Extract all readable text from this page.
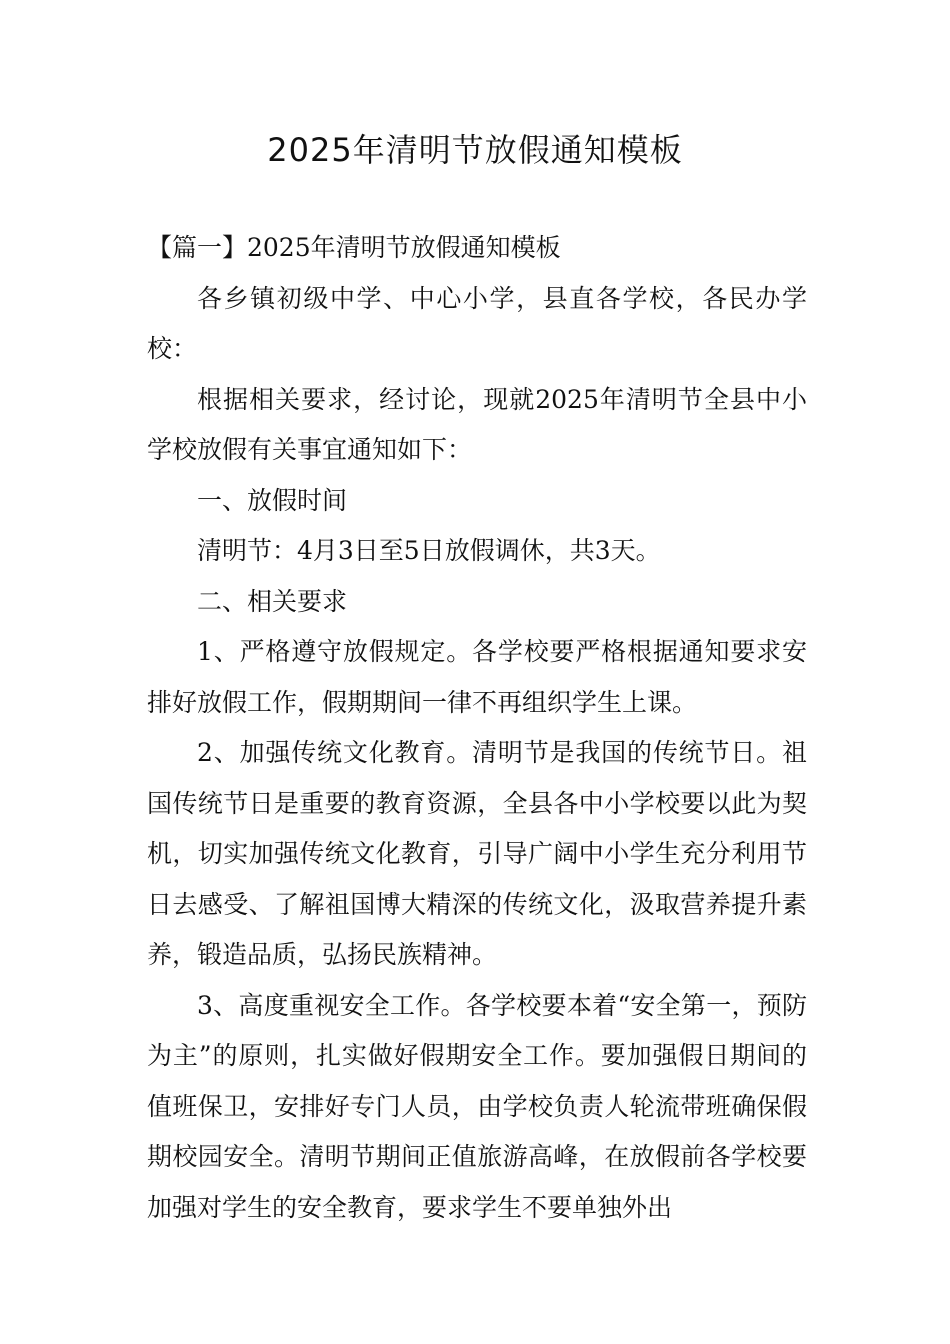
2025年清明节放假通知模板

【篇一】2025年清明节放假通知模板

各乡镇初级中学、中心小学，县直各学校，各民办学校：

根据相关要求，经讨论，现就2025年清明节全县中小学校放假有关事宜通知如下：

一、放假时间

清明节：4月3日至5日放假调休，共3天。

二、相关要求

1、严格遵守放假规定。各学校要严格根据通知要求安排好放假工作，假期期间一律不再组织学生上课。

2、加强传统文化教育。清明节是我国的传统节日。祖国传统节日是重要的教育资源，全县各中小学校要以此为契机，切实加强传统文化教育，引导广阔中小学生充分利用节日去感受、了解祖国博大精深的传统文化，汲取营养提升素养，锻造品质，弘扬民族精神。

3、高度重视安全工作。各学校要本着“安全第一，预防为主”的原则，扎实做好假期安全工作。要加强假日期间的值班保卫，安排好专门人员，由学校负责人轮流带班确保假期校园安全。清明节期间正值旅游高峰，在放假前各学校要加强对学生的安全教育，要求学生不要单独外出
